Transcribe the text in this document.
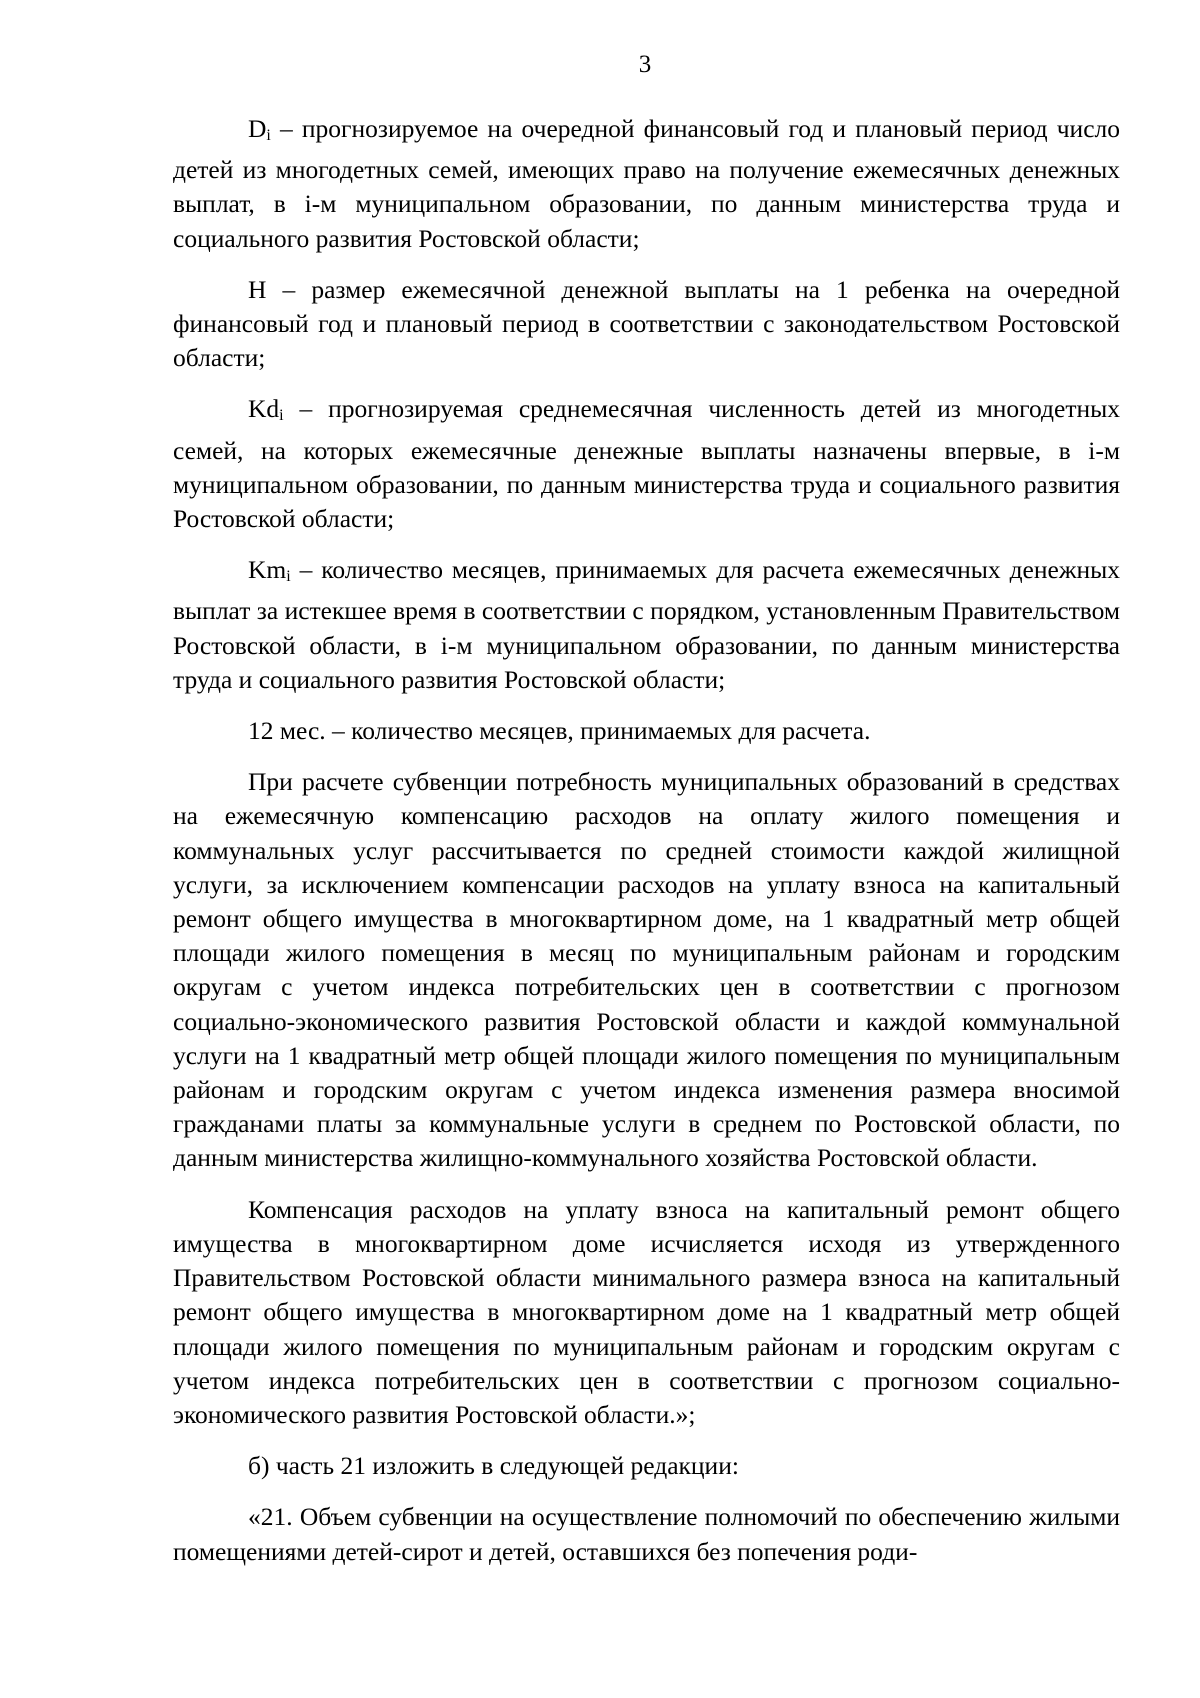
3

$D_i$ – прогнозируемое на очередной финансовый год и плановый период число детей из многодетных семей, имеющих право на получение ежемесячных денежных выплат, в i-м муниципальном образовании, по данным министерства труда и социального развития Ростовской области;

Н – размер ежемесячной денежной выплаты на 1 ребенка на очередной финансовый год и плановый период в соответствии с законодательством Ростовской области;

$Kd_i$ – прогнозируемая среднемесячная численность детей из многодетных семей, на которых ежемесячные денежные выплаты назначены впервые, в i-м муниципальном образовании, по данным министерства труда и социального развития Ростовской области;

$Km_i$ – количество месяцев, принимаемых для расчета ежемесячных денежных выплат за истекшее время в соответствии с порядком, установленным Правительством Ростовской области, в i-м муниципальном образовании, по данным министерства труда и социального развития Ростовской области;

12 мес. – количество месяцев, принимаемых для расчета.

При расчете субвенции потребность муниципальных образований в средствах на ежемесячную компенсацию расходов на оплату жилого помещения и коммунальных услуг рассчитывается по средней стоимости каждой жилищной услуги, за исключением компенсации расходов на уплату взноса на капитальный ремонт общего имущества в многоквартирном доме, на 1 квадратный метр общей площади жилого помещения в месяц по муниципальным районам и городским округам с учетом индекса потребительских цен в соответствии с прогнозом социально-экономического развития Ростовской области и каждой коммунальной услуги на 1 квадратный метр общей площади жилого помещения по муниципальным районам и городским округам с учетом индекса изменения размера вносимой гражданами платы за коммунальные услуги в среднем по Ростовской области, по данным министерства жилищно-коммунального хозяйства Ростовской области.

Компенсация расходов на уплату взноса на капитальный ремонт общего имущества в многоквартирном доме исчисляется исходя из утвержденного Правительством Ростовской области минимального размера взноса на капитальный ремонт общего имущества в многоквартирном доме на 1 квадратный метр общей площади жилого помещения по муниципальным районам и городским округам с учетом индекса потребительских цен в соответствии с прогнозом социально-экономического развития Ростовской области.»;

б) часть 21 изложить в следующей редакции:

«21. Объем субвенции на осуществление полномочий по обеспечению жилыми помещениями детей-сирот и детей, оставшихся без попечения роди-
